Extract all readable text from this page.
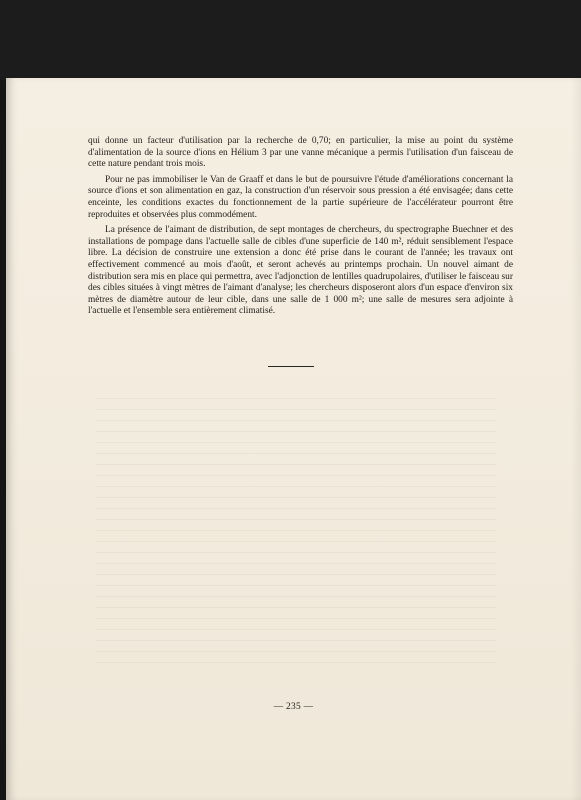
qui donne un facteur d'utilisation par la recherche de 0,70; en particulier, la mise au point du système d'alimentation de la source d'ions en Hélium 3 par une vanne mécanique a permis l'utilisation d'un faisceau de cette nature pendant trois mois.

Pour ne pas immobiliser le Van de Graaff et dans le but de poursuivre l'étude d'améliorations concernant la source d'ions et son alimentation en gaz, la construction d'un réservoir sous pression a été envisagée; dans cette enceinte, les conditions exactes du fonctionnement de la partie supérieure de l'accélérateur pourront être reproduites et observées plus commodément.

La présence de l'aimant de distribution, de sept montages de chercheurs, du spectrographe Buechner et des installations de pompage dans l'actuelle salle de cibles d'une superficie de 140 m², réduit sensiblement l'espace libre. La décision de construire une extension a donc été prise dans le courant de l'année; les travaux ont effectivement commencé au mois d'août, et seront achevés au printemps prochain. Un nouvel aimant de distribution sera mis en place qui permettra, avec l'adjonction de lentilles quadrupolaires, d'utiliser le faisceau sur des cibles situées à vingt mètres de l'aimant d'analyse; les chercheurs disposeront alors d'un espace d'environ six mètres de diamètre autour de leur cible, dans une salle de 1 000 m²; une salle de mesures sera adjointe à l'actuelle et l'ensemble sera entièrement climatisé.

— 235 —
